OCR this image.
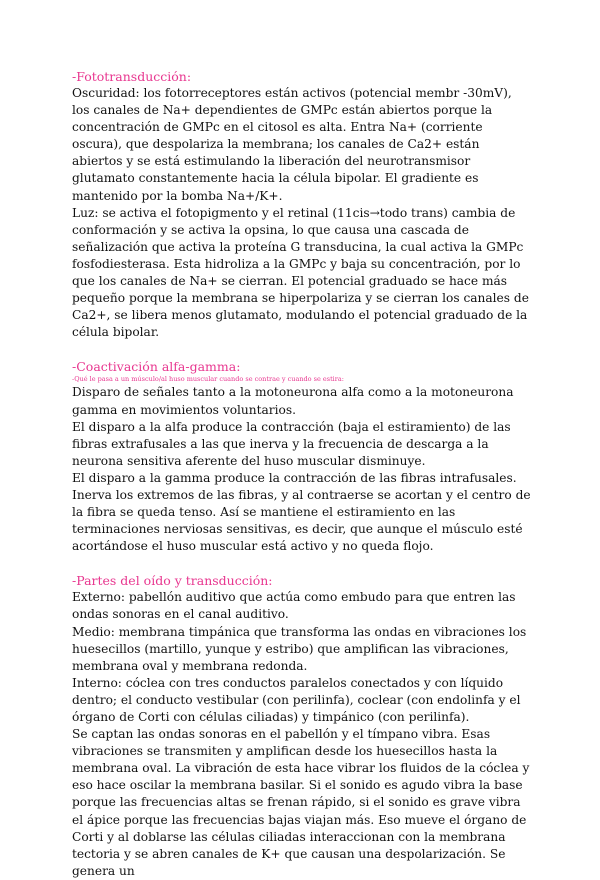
-Fototransducción:

Oscuridad: los fotorreceptores están activos (potencial membr -30mV), los canales de Na+ dependientes de GMPc están abiertos porque la concentración de GMPc en el citosol es alta. Entra Na+ (corriente oscura), que despolariza la membrana; los canales de Ca2+ están abiertos y se está estimulando la liberación del neurotransmisor glutamato constantemente hacia la célula bipolar. El gradiente es mantenido por la bomba Na+/K+.

Luz: se activa el fotopigmento y el retinal (11cis→todo trans) cambia de conformación y se activa la opsina, lo que causa una cascada de señalización que activa la proteína G transducina, la cual activa la GMPc fosfodiesterasa. Esta hidroliza a la GMPc y baja su concentración, por lo que los canales de Na+ se cierran. El potencial graduado se hace más pequeño porque la membrana se hiperpolariza y se cierran los canales de Ca2+, se libera menos glutamato, modulando el potencial graduado de la célula bipolar.

-Coactivación alfa-gamma:

-Qué le pasa a un músculo/al huso muscular cuando se contrae y cuando se estira:

Disparo de señales tanto a la motoneurona alfa como a la motoneurona gamma en movimientos voluntarios.

El disparo a la alfa produce la contracción (baja el estiramiento) de las fibras extrafusales a las que inerva y la frecuencia de descarga a la neurona sensitiva aferente del huso muscular disminuye.

El disparo a la gamma produce la contracción de las fibras intrafusales. Inerva los extremos de las fibras, y al contraerse se acortan y el centro de la fibra se queda tenso. Así se mantiene el estiramiento en las terminaciones nerviosas sensitivas, es decir, que aunque el músculo esté acortándose el huso muscular está activo y no queda flojo.

-Partes del oído y transducción:

Externo: pabellón auditivo que actúa como embudo para que entren las ondas sonoras en el canal auditivo.

Medio: membrana timpánica que transforma las ondas en vibraciones los huesecillos (martillo, yunque y estribo) que amplifican las vibraciones, membrana oval y membrana redonda.

Interno: cóclea con tres conductos paralelos conectados y con líquido dentro; el conducto vestibular (con perilinfa), coclear (con endolinfa y el órgano de Corti con células ciliadas) y timpánico (con perilinfa).

Se captan las ondas sonoras en el pabellón y el tímpano vibra. Esas vibraciones se transmiten y amplifican desde los huesecillos hasta la membrana oval. La vibración de esta hace vibrar los fluidos de la cóclea y eso hace oscilar la membrana basilar. Si el sonido es agudo vibra la base porque las frecuencias altas se frenan rápido, si el sonido es grave vibra el ápice porque las frecuencias bajas viajan más. Eso mueve el órgano de Corti y al doblarse las células ciliadas interaccionan con la membrana tectoria y se abren canales de K+ que causan una despolarización. Se genera un
